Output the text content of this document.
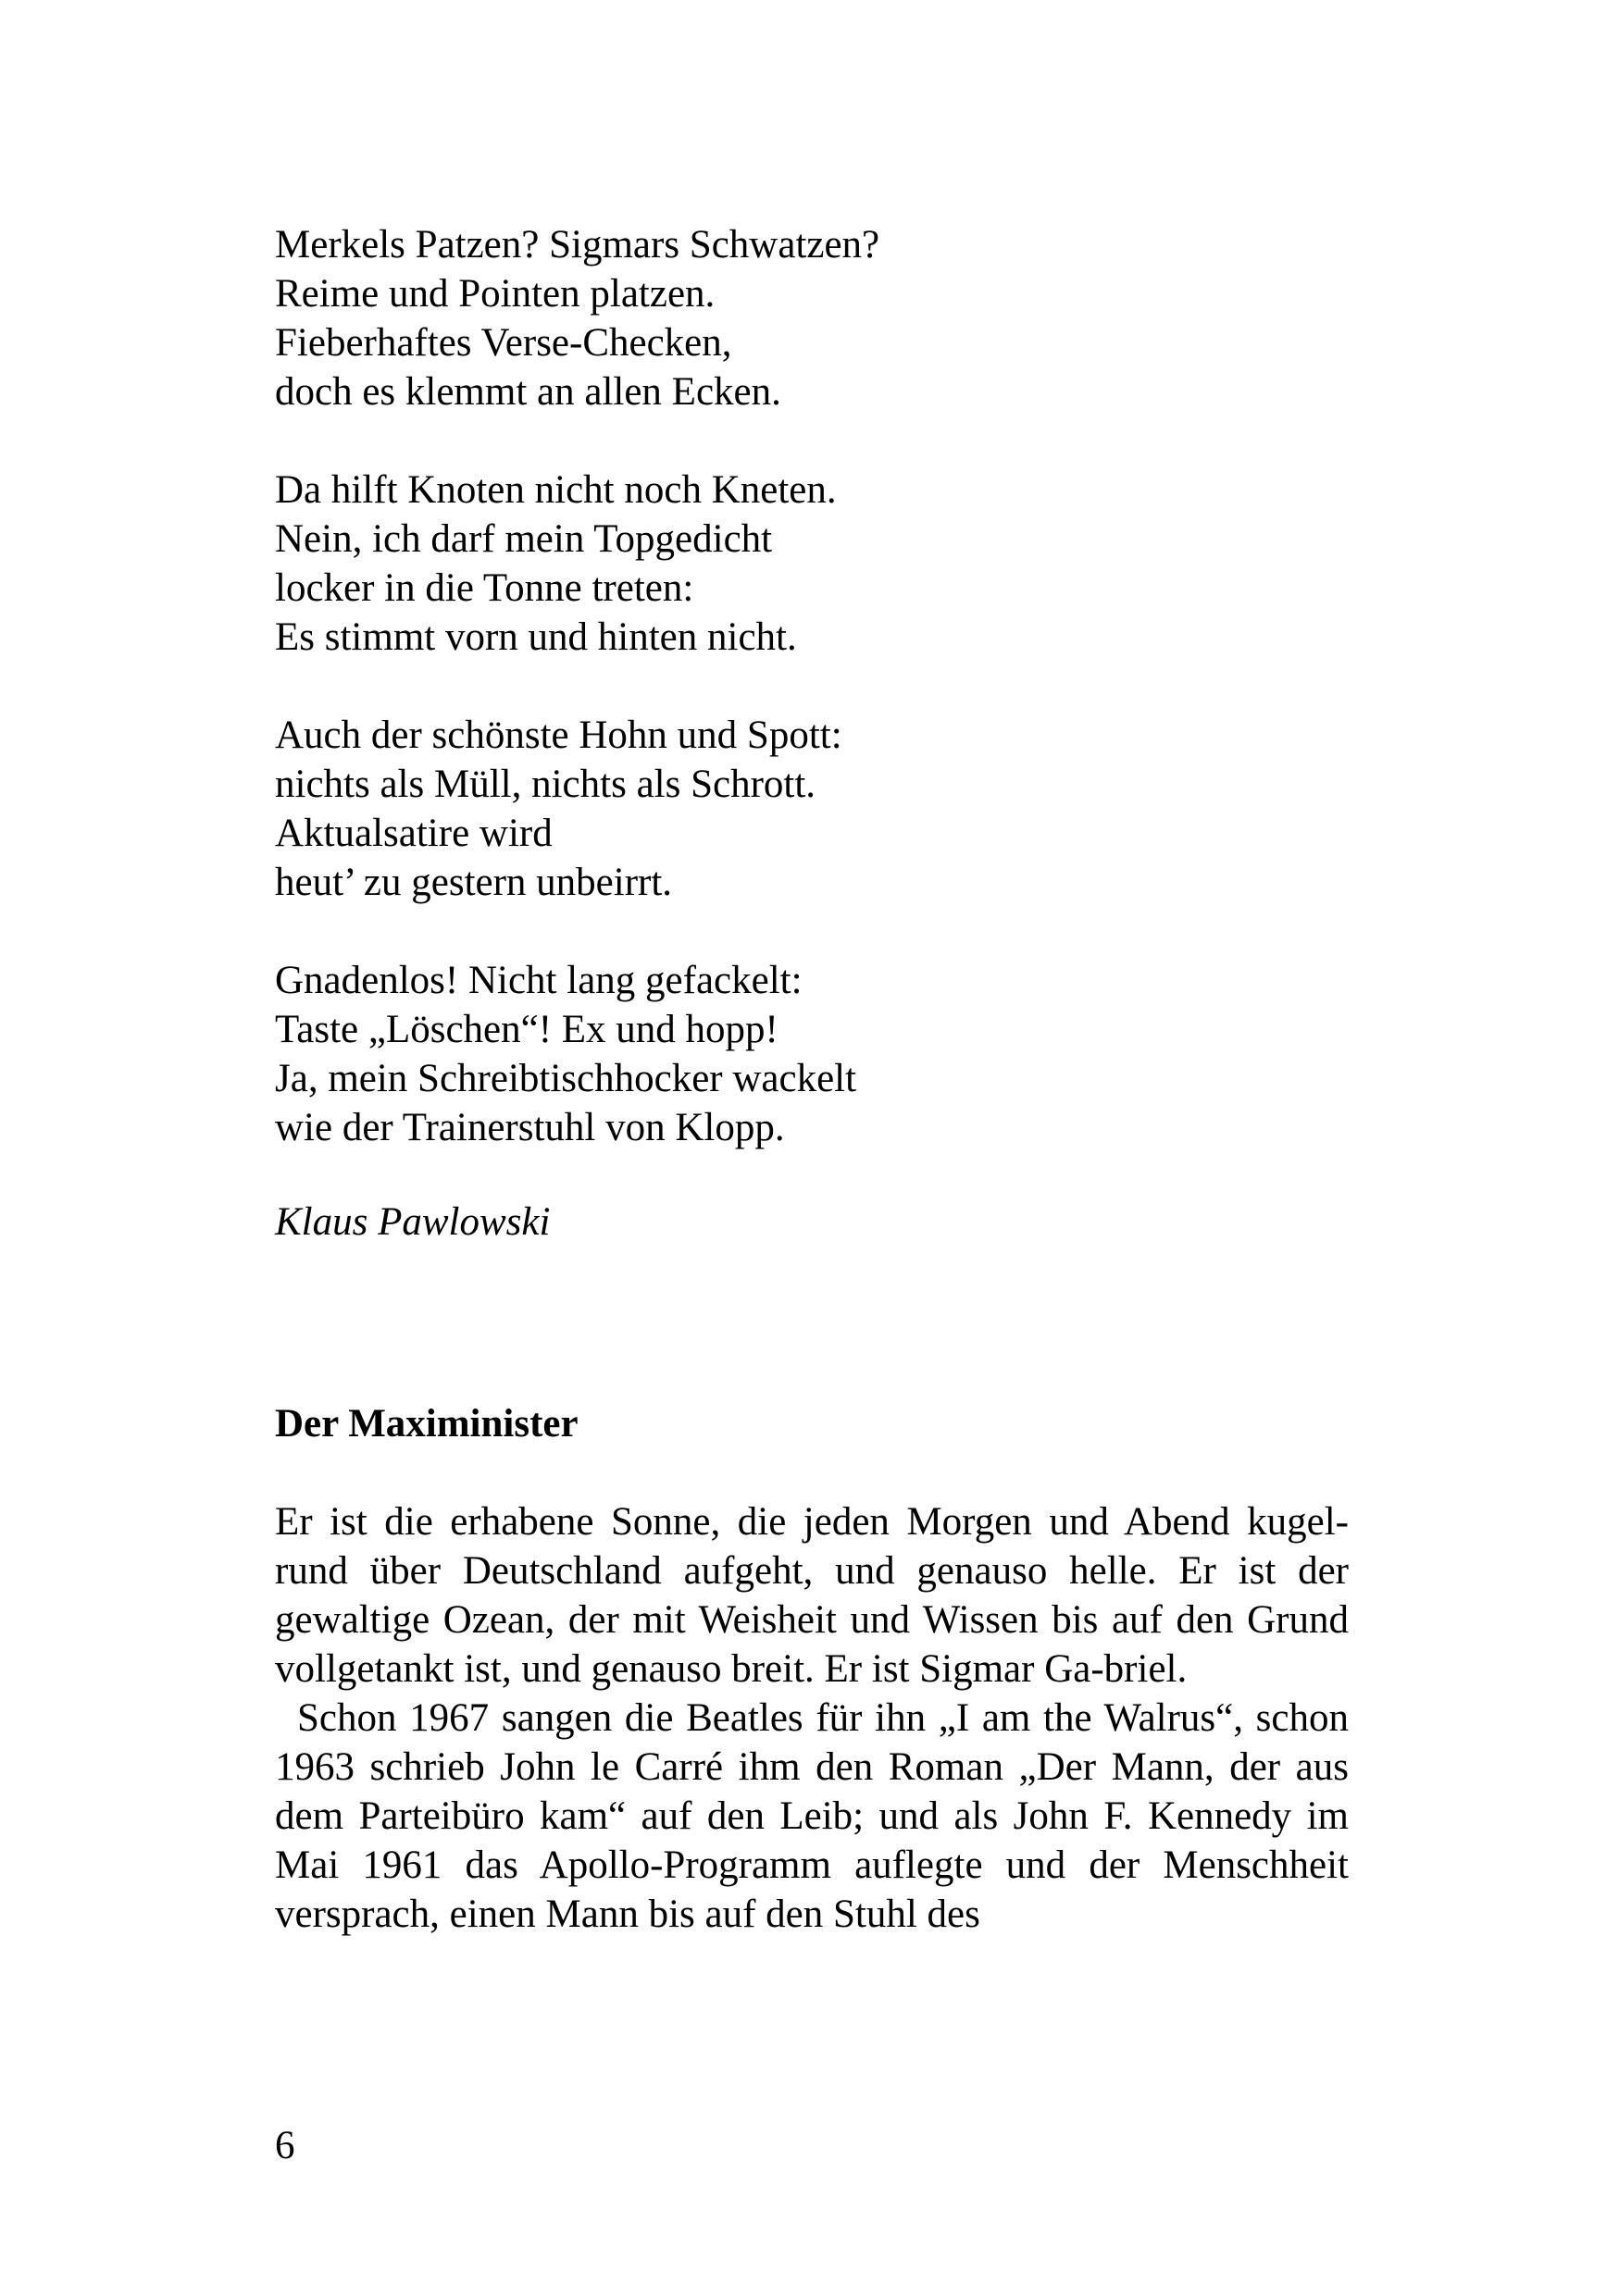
Merkels Patzen? Sigmars Schwatzen?
Reime und Pointen platzen.
Fieberhaftes Verse-Checken,
doch es klemmt an allen Ecken.
Da hilft Knoten nicht noch Kneten.
Nein, ich darf mein Topgedicht
locker in die Tonne treten:
Es stimmt vorn und hinten nicht.
Auch der schönste Hohn und Spott:
nichts als Müll, nichts als Schrott.
Aktualsatire wird
heut’ zu gestern unbeirrt.
Gnadenlos! Nicht lang gefackelt:
Taste „Löschen“! Ex und hopp!
Ja, mein Schreibtischhocker wackelt
wie der Trainerstuhl von Klopp.
Klaus Pawlowski
Der Maximinister

Er ist die erhabene Sonne, die jeden Morgen und Abend kugel-rund über Deutschland aufgeht, und genauso helle. Er ist der gewaltige Ozean, der mit Weisheit und Wissen bis auf den Grund vollgetankt ist, und genauso breit. Er ist Sigmar Ga-briel.

Schon 1967 sangen die Beatles für ihn „I am the Walrus“, schon 1963 schrieb John le Carré ihm den Roman „Der Mann, der aus dem Parteibüro kam“ auf den Leib; und als John F. Kennedy im Mai 1961 das Apollo-Programm auflegte und der Menschheit versprach, einen Mann bis auf den Stuhl des

6
